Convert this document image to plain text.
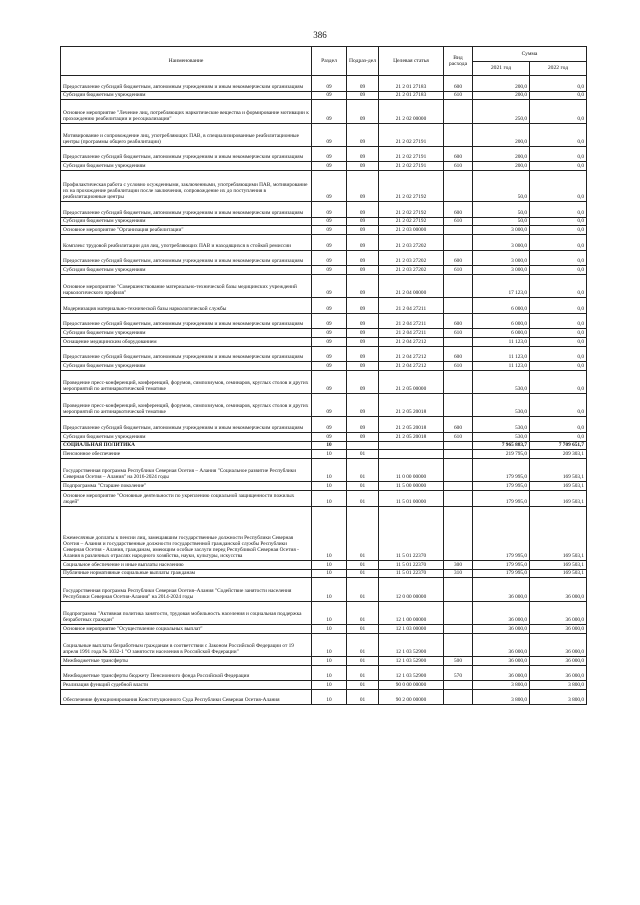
386
Наименование	Раздел	Подраз-дел	Целевая статья	Вид расхода	Сумма	
					2021 год	2022 год
Предоставление субсидий бюджетным, автономным учреждениям и иным некоммерческим организациям	09	09	21 2 01 27183	600	200,0	0,0
Субсидии бюджетным учреждениям	09	09	21 2 01 27183	610	200,0	0,0
Основное мероприятие "Лечение лиц, потребляющих наркотические вещества и формирование мотивации к прохождению реабилитации и ресоциализации"	09	09	21 2 02 00000		250,0	0,0
Мотивирование и сопровождение лиц, употребляющих ПАВ, в специализированные реабилитационные центры (программы общего реабилитации)	09	09	21 2 02 27191		200,0	0,0
Предоставление субсидий бюджетным, автономным учреждениям и иным некоммерческим организациям	09	09	21 2 02 27191	600	200,0	0,0
Субсидии бюджетным учреждениям	09	09	21 2 02 27191	610	200,0	0,0
Профилактическая работа с условно осужденными, заключенными, употребляющими ПАВ, мотивирование их на прохождение реабилитации после заключения, сопровождение их до поступления в реабилитационные центры	09	09	21 2 02 27192		50,0	0,0
Предоставление субсидий бюджетным, автономным учреждениям и иным некоммерческим организациям	09	09	21 2 02 27192	600	50,0	0,0
Субсидии бюджетным учреждениям	09	09	21 2 02 27192	610	50,0	0,0
Основное мероприятие "Организация реабилитации"	09	09	21 2 03 00000		3 000,0	0,0
Комплекс трудовой реабилитации для лиц, употребляющих ПАВ и находящихся в стойкой ремиссии	09	09	21 2 03 27202		3 000,0	0,0
Предоставление субсидий бюджетным, автономным учреждениям и иным некоммерческим организациям	09	09	21 2 03 27202	600	3 000,0	0,0
Субсидии бюджетным учреждениям	09	09	21 2 03 27202	610	3 000,0	0,0
Основное мероприятие "Совершенствование материально-технической базы медицинских учреждений наркологического профиля"	09	09	21 2 04 00000		17 123,0	0,0
Модернизация материально-технической базы наркологической службы	09	09	21 2 04 27211		6 000,0	0,0
Предоставление субсидий бюджетным, автономным учреждениям и иным некоммерческим организациям	09	09	21 2 04 27211	600	6 000,0	0,0
Субсидии бюджетным учреждениям	09	09	21 2 04 27211	610	6 000,0	0,0
Оснащение медицинским оборудованием	09	09	21 2 04 27212		11 123,0	0,0
Предоставление субсидий бюджетным, автономным учреждениям и иным некоммерческим организациям	09	09	21 2 04 27212	600	11 123,0	0,0
Субсидии бюджетным учреждениям	09	09	21 2 04 27212	610	11 123,0	0,0
Проведение пресс-конференций, конференций, форумов, симпозиумов, семинаров, круглых столов и других мероприятий по антинаркотической тематике	09	09	21 2 05 00000		530,0	0,0
Проведение пресс-конференций, конференций, форумов, симпозиумов, семинаров, круглых столов и других мероприятий по антинаркотической тематике	09	09	21 2 05 20018		530,0	0,0
Предоставление субсидий бюджетным, автономным учреждениям и иным некоммерческим организациям	09	09	21 2 05 20018	600	530,0	0,0
Субсидии бюджетным учреждениям	09	09	21 2 05 20018	610	530,0	0,0
СОЦИАЛЬНАЯ ПОЛИТИКА	10				7 965 883,7	7 709 651,7
Пенсионное обеспечение	10	01			219 795,0	209 303,1
Государственная программа Республики Северная Осетия – Алания "Социальное развитие Республики Северная Осетия – Алания" на 2016-2024 годы	10	01	11 0 00 00000		179 995,0	169 503,1
Подпрограмма "Старшее поколение"	10	01	11 5 00 00000		179 995,0	169 503,1
Основное мероприятие "Основные деятельности по укреплению социальной защищенности пожилых людей"	10	01	11 5 01 00000		179 995,0	169 503,1
Ежемесячные доплаты к пенсии лиц, замещавшим государственные должности Республики Северная Осетия – Алания и государственные должности государственной гражданской службы Республики Северная Осетия - Алания, гражданам, имеющим особые заслуги перед Республикой Северная Осетия - Алания в различных отраслях народного хозяйства, науки, культуры, искусства	10	01	11 5 01 22370		179 995,0	169 503,1
Социальное обеспечение и иные выплаты населению	10	01	11 5 01 22370	300	179 995,0	169 503,1
Публичные нормативные социальные выплаты гражданам	10	01	11 5 01 22370	310	179 995,0	169 503,1
Государственная программа Республики Северная Осетия–Алания "Содействие занятости населения Республики Северная Осетия-Алания" на 2014-2024 годы	10	01	12 0 00 00000		36 000,0	36 000,0
Подпрограмма "Активная политика занятости, трудовая мобильность населения и социальная поддержка безработных граждан"	10	01	12 1 00 00000		36 000,0	36 000,0
Основное мероприятие "Осуществление социальных выплат"	10	01	12 1 03 00000		36 000,0	36 000,0
Социальные выплаты безработным гражданам в соответствии с Законом Российской Федерации от 19 апреля 1991 года № 1032-1 "О занятости населения в Российской Федерации"	10	01	12 1 03 52900		36 000,0	36 000,0
Межбюджетные трансферты	10	01	12 1 03 52900	500	36 000,0	36 000,0
Межбюджетные трансферты бюджету Пенсионного фонда Российской Федерации	10	01	12 1 03 52900	570	36 000,0	36 000,0
Реализация функций судебной власти	10	01	90 0 00 00000		3 800,0	3 800,0
Обеспечение функционирования Конституционного Суда Республики Северная Осетия-Алания	10	01	90 2 00 00000		3 800,0	3 800,0
